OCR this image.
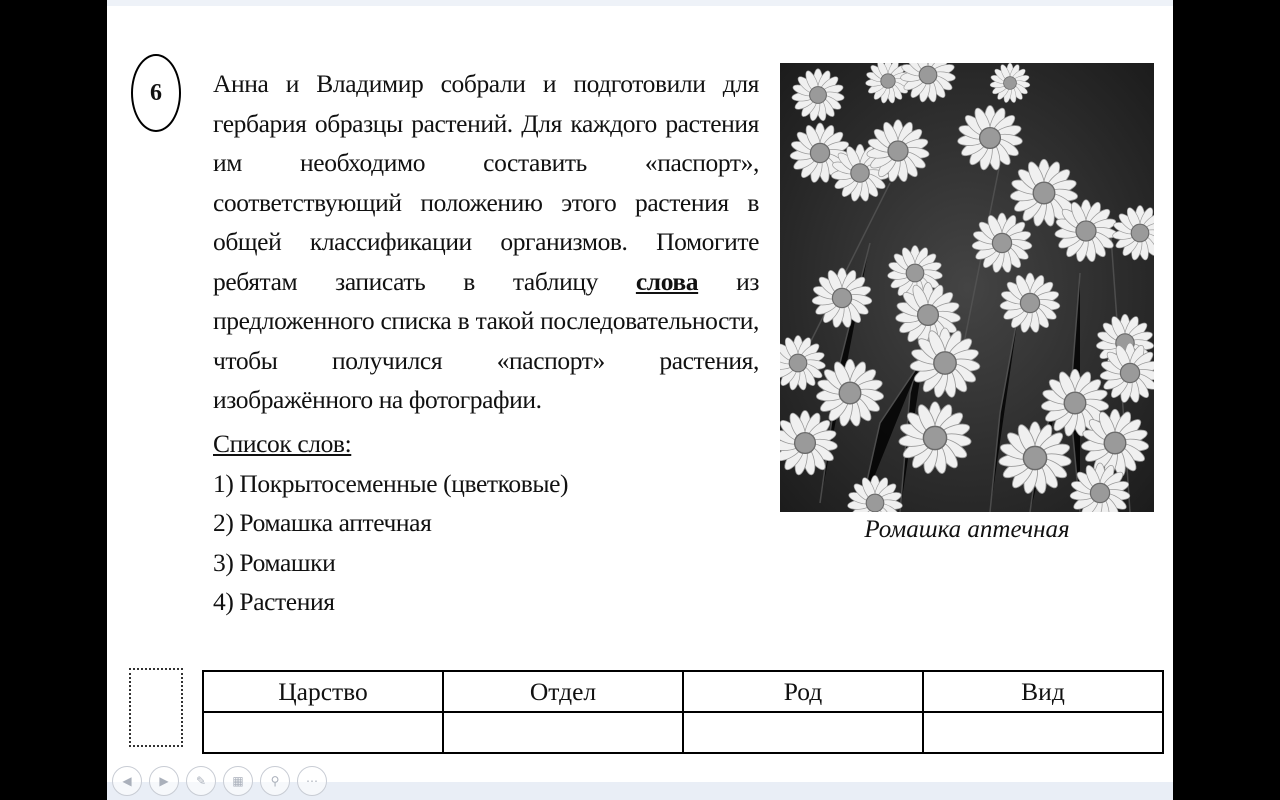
6	Анна и Владимир собрали и подготовили для гербария образцы растений. Для каждого растения им необходимо составить «паспорт», соответствующий положению этого растения в общей классификации организмов. Помогите ребятам записать в таблицу слова из предложенного списка в такой последовательности, чтобы получился «паспорт» растения, изображённого на фотографии.

Список слов:
1) Покрытосеменные (цветковые)
2) Ромашка аптечная
3) Ромашки
4) Растения
Ромашка аптечная
Царство	Отдел	Род	Вид

◀	▶	✎	▦	⚲	⋯
